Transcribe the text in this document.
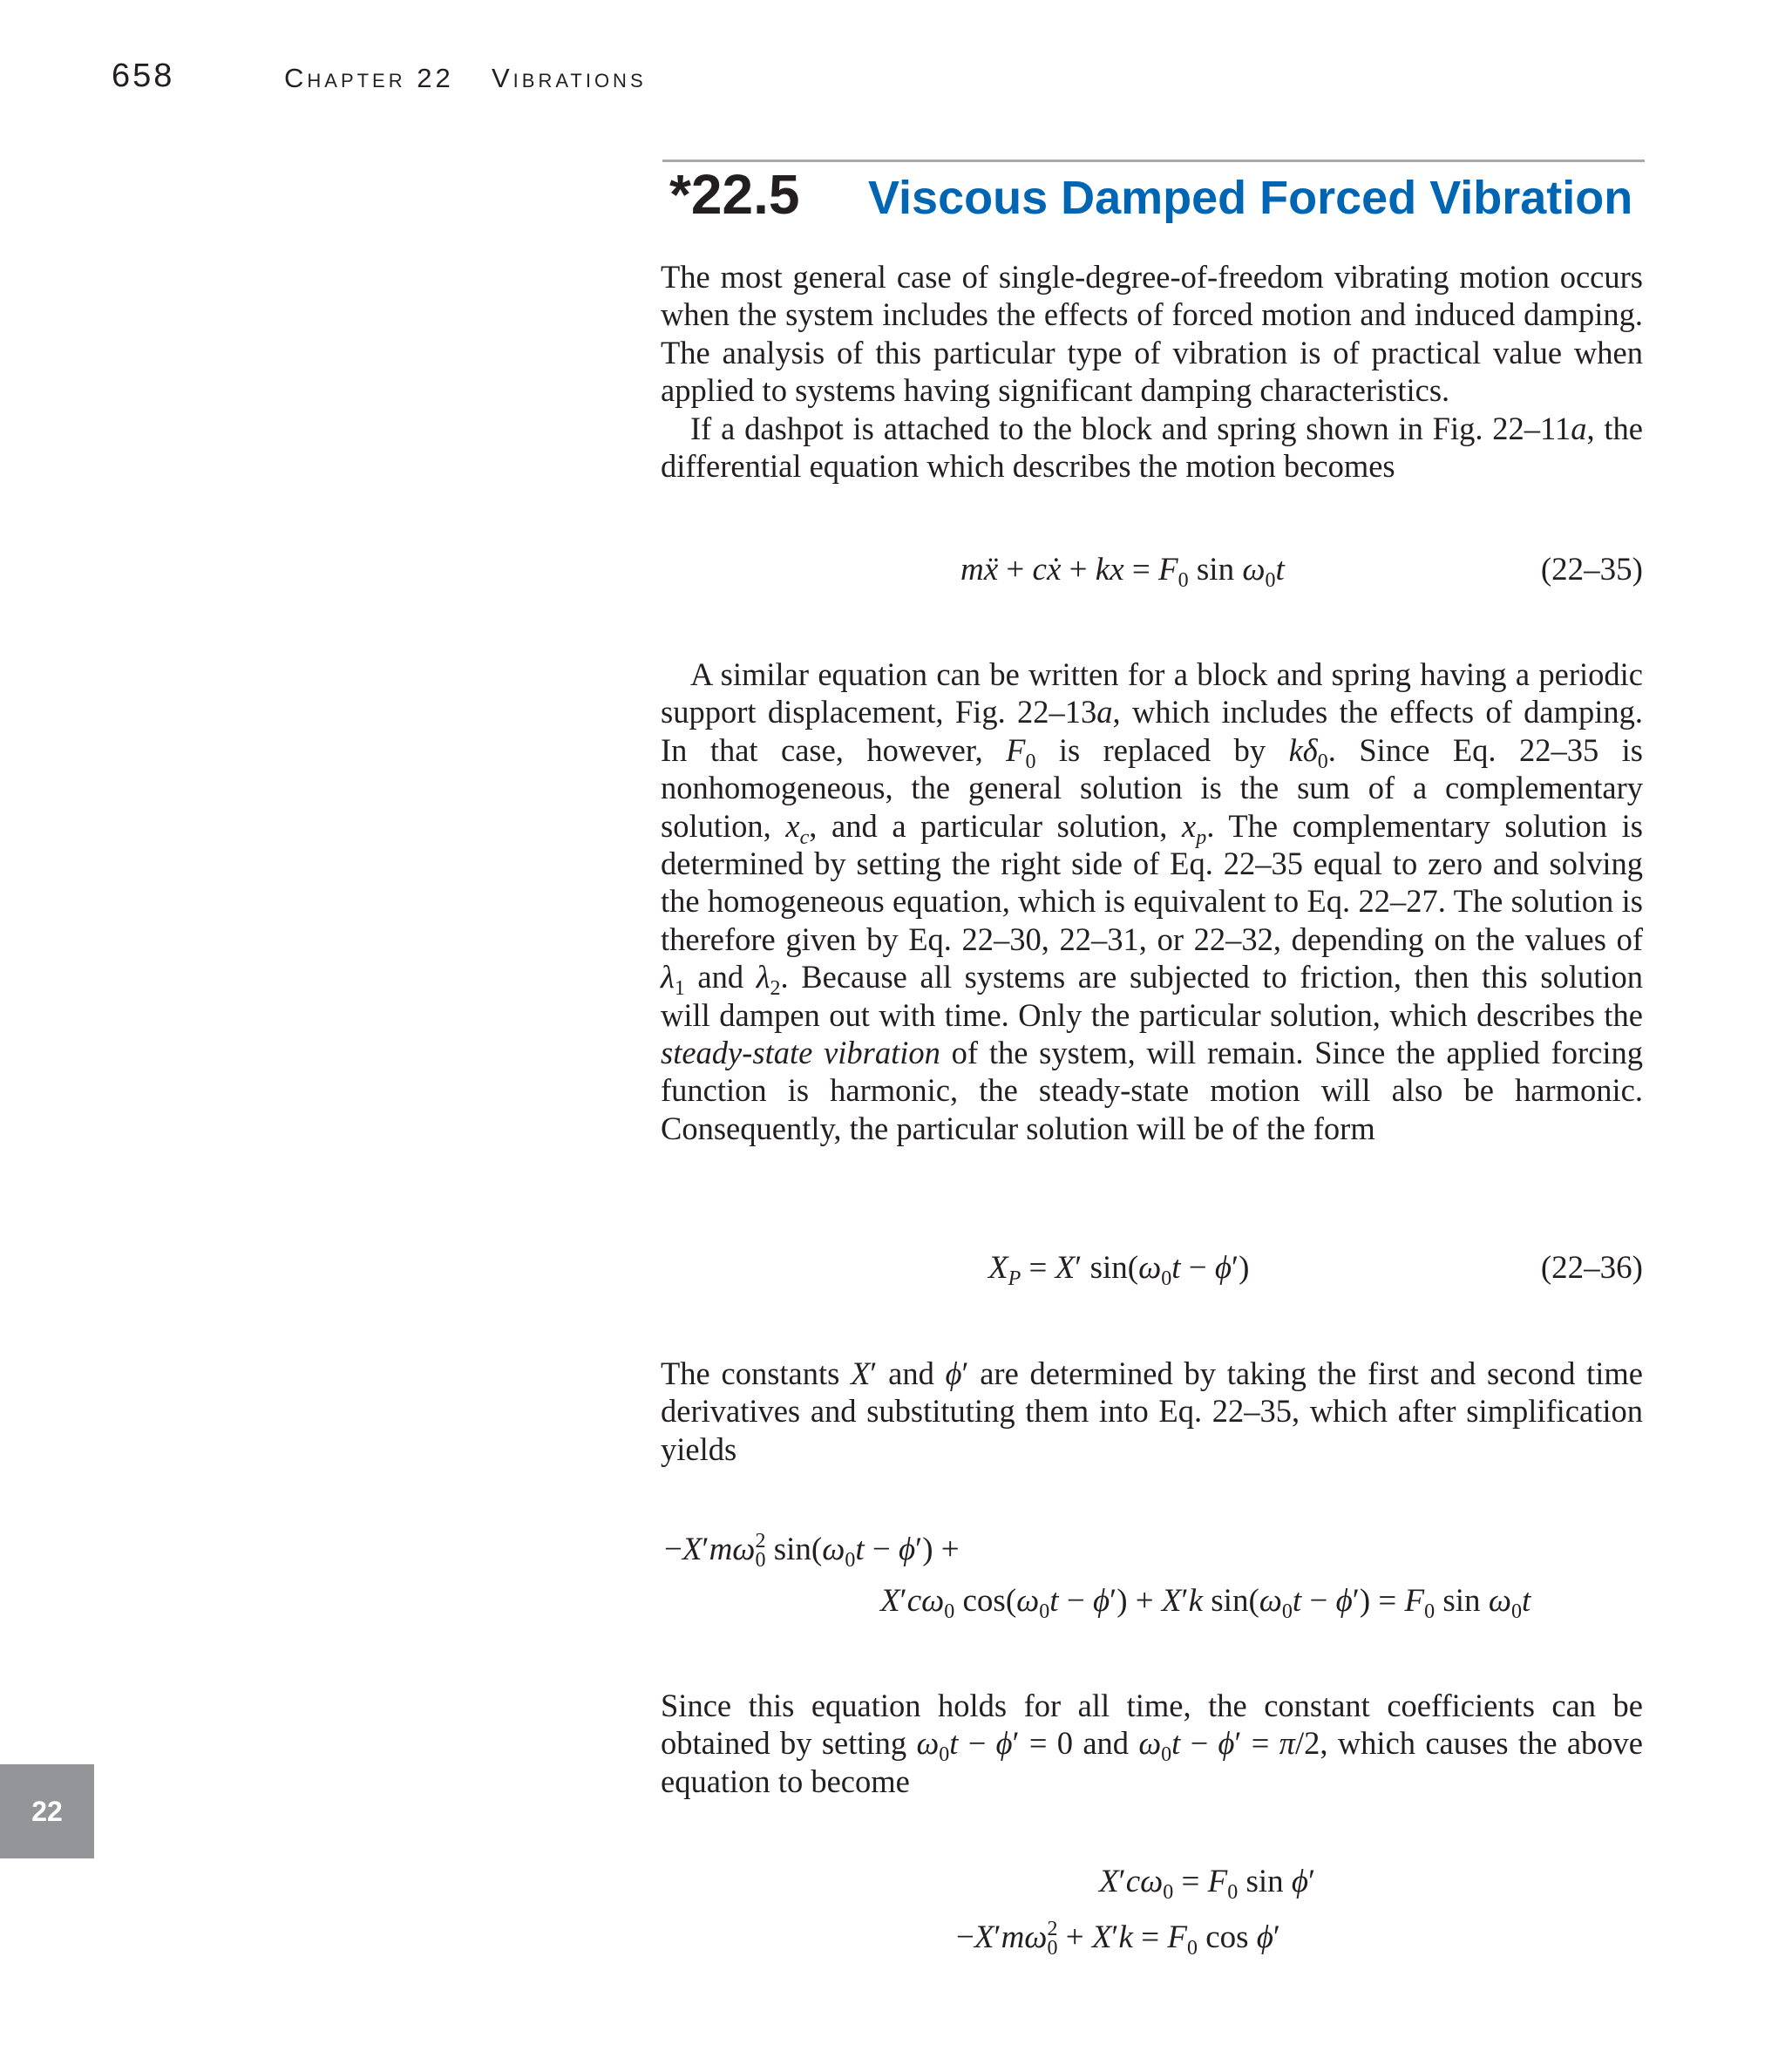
658	Chapter 22 Vibrations
*22.5 Viscous Damped Forced Vibration

The most general case of single-degree-of-freedom vibrating motion occurs when the system includes the effects of forced motion and induced damping. The analysis of this particular type of vibration is of practical value when applied to systems having significant damping characteristics.
If a dashpot is attached to the block and spring shown in Fig. 22–11a, the differential equation which describes the motion becomes

mẍ + cẋ + kx = $F_0$ $\sin \omega_0t$	(22–35)

A similar equation can be written for a block and spring having a periodic support displacement, Fig. 22–13a, which includes the effects of damping. In that case, however, $F_0$ is replaced by $k\delta_0$. Since Eq. 22–35 is nonhomogeneous, the general solution is the sum of a complementary solution, $x_c$, and a particular solution, $x_p$. The complementary solution is determined by setting the right side of Eq. 22–35 equal to zero and solving the homogeneous equation, which is equivalent to Eq. 22–27. The solution is therefore given by Eq. 22–30, 22–31, or 22–32, depending on the values of $\lambda_1$ and $\lambda_2$. Because all systems are subjected to friction, then this solution will dampen out with time. Only the particular solution, which describes the steady-state vibration of the system, will remain. Since the applied forcing function is harmonic, the steady-state motion will also be harmonic. Consequently, the particular solution will be of the form

$X_P = X'$ $\sin(\omega_0t - \phi')$	(22–36)

The constants X′ and ϕ′ are determined by taking the first and second time derivatives and substituting them into Eq. 22–35, which after simplification yields

$-X'm\omega_0^2$ $\sin(\omega_0t - \phi')$ +
$X'c\omega_0$ $\cos(\omega_0t - \phi') + X'k$ $\sin(\omega_0t - \phi') = F_0$ $\sin \omega_0t$

Since this equation holds for all time, the constant coefficients can be obtained by setting $\omega_0t - \phi' = 0$ and $\omega_0t - \phi' = \pi/2$, which causes the above equation to become

$X'c\omega_0 = F_0$ sin ϕ′
$-X'm\omega_0^2 + X'k = F_0$ cos ϕ′
22
